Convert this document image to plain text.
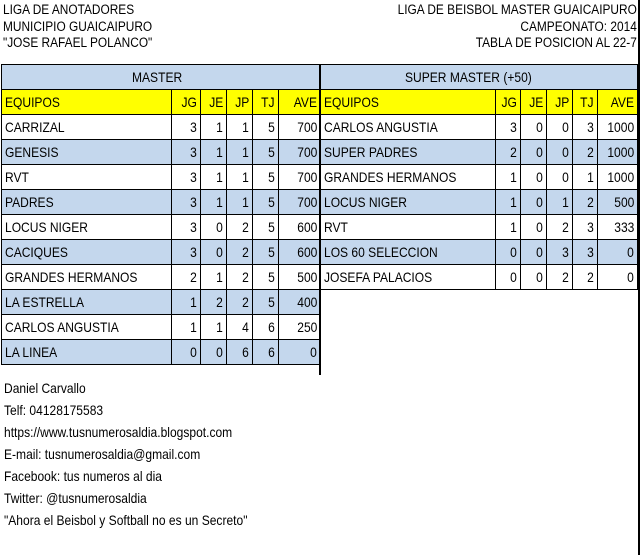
LIGA DE ANOTADORES
MUNICIPIO GUAICAIPURO
"JOSE RAFAEL POLANCO"
LIGA DE BEISBOL MASTER GUAICAIPURO
CAMPEONATO: 2014
TABLA DE POSICION AL 22-7
MASTER					
EQUIPOS	JG	JE	JP	TJ	AVE
CARRIZAL	3	1	1	5	700
GENESIS	3	1	1	5	700
RVT	3	1	1	5	700
PADRES	3	1	1	5	700
LOCUS NIGER	3	0	2	5	600
CACIQUES	3	0	2	5	600
GRANDES HERMANOS	2	1	2	5	500
LA ESTRELLA	1	2	2	5	400
CARLOS ANGUSTIA	1	1	4	6	250
LA LINEA	0	0	6	6	0
SUPER MASTER (+50)					
EQUIPOS	JG	JE	JP	TJ	AVE
CARLOS ANGUSTIA	3	0	0	3	1000
SUPER PADRES	2	0	0	2	1000
GRANDES HERMANOS	1	0	0	1	1000
LOCUS NIGER	1	0	1	2	500
RVT	1	0	2	3	333
LOS 60 SELECCION	0	0	3	3	0
JOSEFA PALACIOS	0	0	2	2	0
Daniel Carvallo
Telf: 04128175583
https://www.tusnumerosaldia.blogspot.com
E-mail: tusnumerosaldia@gmail.com
Facebook: tus numeros al dia
Twitter: @tusnumerosaldia
"Ahora el Beisbol y Softball no es un Secreto"
